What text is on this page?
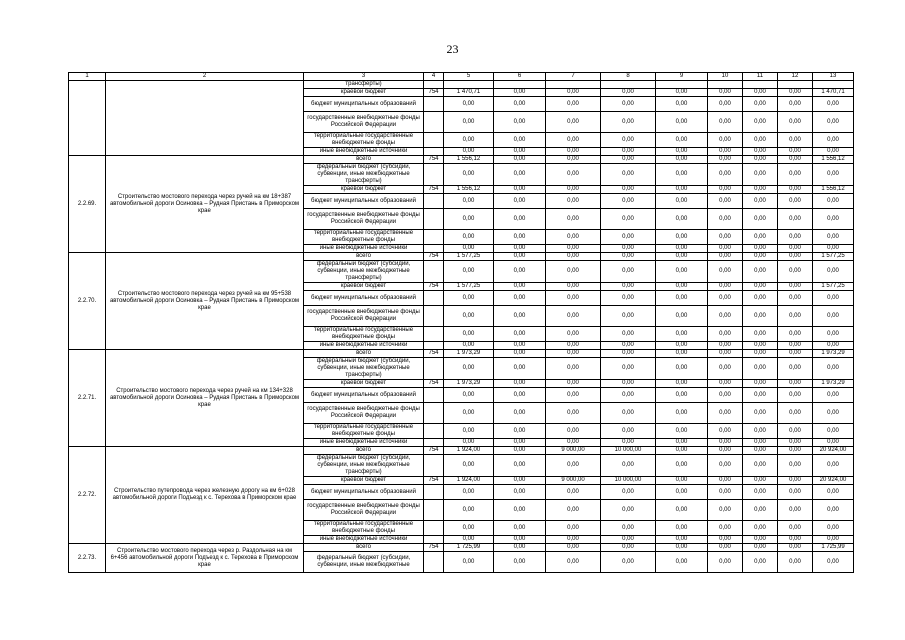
23
1	2	3	4	5	6	7	8	9	10	11	12	13
		трансферты)										
		краевой бюджет	754	1 470,71	0,00	0,00	0,00	0,00	0,00	0,00	0,00	1 470,71
		бюджет муниципальных образований		0,00	0,00	0,00	0,00	0,00	0,00	0,00	0,00	0,00
		государственные внебюджетные фонды Российской Федерации		0,00	0,00	0,00	0,00	0,00	0,00	0,00	0,00	0,00
		территориальные государственные внебюджетные фонды		0,00	0,00	0,00	0,00	0,00	0,00	0,00	0,00	0,00
		иные внебюджетные источники		0,00	0,00	0,00	0,00	0,00	0,00	0,00	0,00	0,00
2.2.69.	Строительство мостового перехода через ручей на км 18+387 автомобильной дороги Осиновка – Рудная Пристань в Приморском крае	всего	754	1 556,12	0,00	0,00	0,00	0,00	0,00	0,00	0,00	1 556,12
		федеральный бюджет (субсидии, субвенции, иные межбюджетные трансферты)		0,00	0,00	0,00	0,00	0,00	0,00	0,00	0,00	0,00
		краевой бюджет	754	1 556,12	0,00	0,00	0,00	0,00	0,00	0,00	0,00	1 556,12
		бюджет муниципальных образований		0,00	0,00	0,00	0,00	0,00	0,00	0,00	0,00	0,00
		государственные внебюджетные фонды Российской Федерации		0,00	0,00	0,00	0,00	0,00	0,00	0,00	0,00	0,00
		территориальные государственные внебюджетные фонды		0,00	0,00	0,00	0,00	0,00	0,00	0,00	0,00	0,00
		иные внебюджетные источники		0,00	0,00	0,00	0,00	0,00	0,00	0,00	0,00	0,00
2.2.70.	Строительство мостового перехода через ручей на км 95+538 автомобильной дороги Осиновка – Рудная Пристань в Приморском крае	всего	754	1 577,25	0,00	0,00	0,00	0,00	0,00	0,00	0,00	1 577,25
		федеральный бюджет (субсидии, субвенции, иные межбюджетные трансферты)		0,00	0,00	0,00	0,00	0,00	0,00	0,00	0,00	0,00
		краевой бюджет	754	1 577,25	0,00	0,00	0,00	0,00	0,00	0,00	0,00	1 577,25
		бюджет муниципальных образований		0,00	0,00	0,00	0,00	0,00	0,00	0,00	0,00	0,00
		государственные внебюджетные фонды Российской Федерации		0,00	0,00	0,00	0,00	0,00	0,00	0,00	0,00	0,00
		территориальные государственные внебюджетные фонды		0,00	0,00	0,00	0,00	0,00	0,00	0,00	0,00	0,00
		иные внебюджетные источники		0,00	0,00	0,00	0,00	0,00	0,00	0,00	0,00	0,00
2.2.71.	Строительство мостового перехода через ручей на км 134+328 автомобильной дороги Осиновка – Рудная Пристань в Приморском крае	всего	754	1 973,29	0,00	0,00	0,00	0,00	0,00	0,00	0,00	1 973,29
		федеральный бюджет (субсидии, субвенции, иные межбюджетные трансферты)		0,00	0,00	0,00	0,00	0,00	0,00	0,00	0,00	0,00
		краевой бюджет	754	1 973,29	0,00	0,00	0,00	0,00	0,00	0,00	0,00	1 973,29
		бюджет муниципальных образований		0,00	0,00	0,00	0,00	0,00	0,00	0,00	0,00	0,00
		государственные внебюджетные фонды Российской Федерации		0,00	0,00	0,00	0,00	0,00	0,00	0,00	0,00	0,00
		территориальные государственные внебюджетные фонды		0,00	0,00	0,00	0,00	0,00	0,00	0,00	0,00	0,00
		иные внебюджетные источники		0,00	0,00	0,00	0,00	0,00	0,00	0,00	0,00	0,00
2.2.72.	Строительство путепровода через железную дорогу на км 6+028 автомобильной дороги Подъезд к с. Терехова в Приморском крае	всего	754	1 924,00	0,00	9 000,00	10 000,00	0,00	0,00	0,00	0,00	20 924,00
		федеральный бюджет (субсидии, субвенции, иные межбюджетные трансферты)		0,00	0,00	0,00	0,00	0,00	0,00	0,00	0,00	0,00
		краевой бюджет	754	1 924,00	0,00	9 000,00	10 000,00	0,00	0,00	0,00	0,00	20 924,00
		бюджет муниципальных образований		0,00	0,00	0,00	0,00	0,00	0,00	0,00	0,00	0,00
		государственные внебюджетные фонды Российской Федерации		0,00	0,00	0,00	0,00	0,00	0,00	0,00	0,00	0,00
		территориальные государственные внебюджетные фонды		0,00	0,00	0,00	0,00	0,00	0,00	0,00	0,00	0,00
		иные внебюджетные источники		0,00	0,00	0,00	0,00	0,00	0,00	0,00	0,00	0,00
2.2.73.	Строительство мостового перехода через р. Раздольная на км 6+456 автомобильной дороги Подъезд к с. Терехова в Приморском крае	всего	754	1 725,99	0,00	0,00	0,00	0,00	0,00	0,00	0,00	1 725,99
		федеральный бюджет (субсидии, субвенции, иные межбюджетные		0,00	0,00	0,00	0,00	0,00	0,00	0,00	0,00	0,00
